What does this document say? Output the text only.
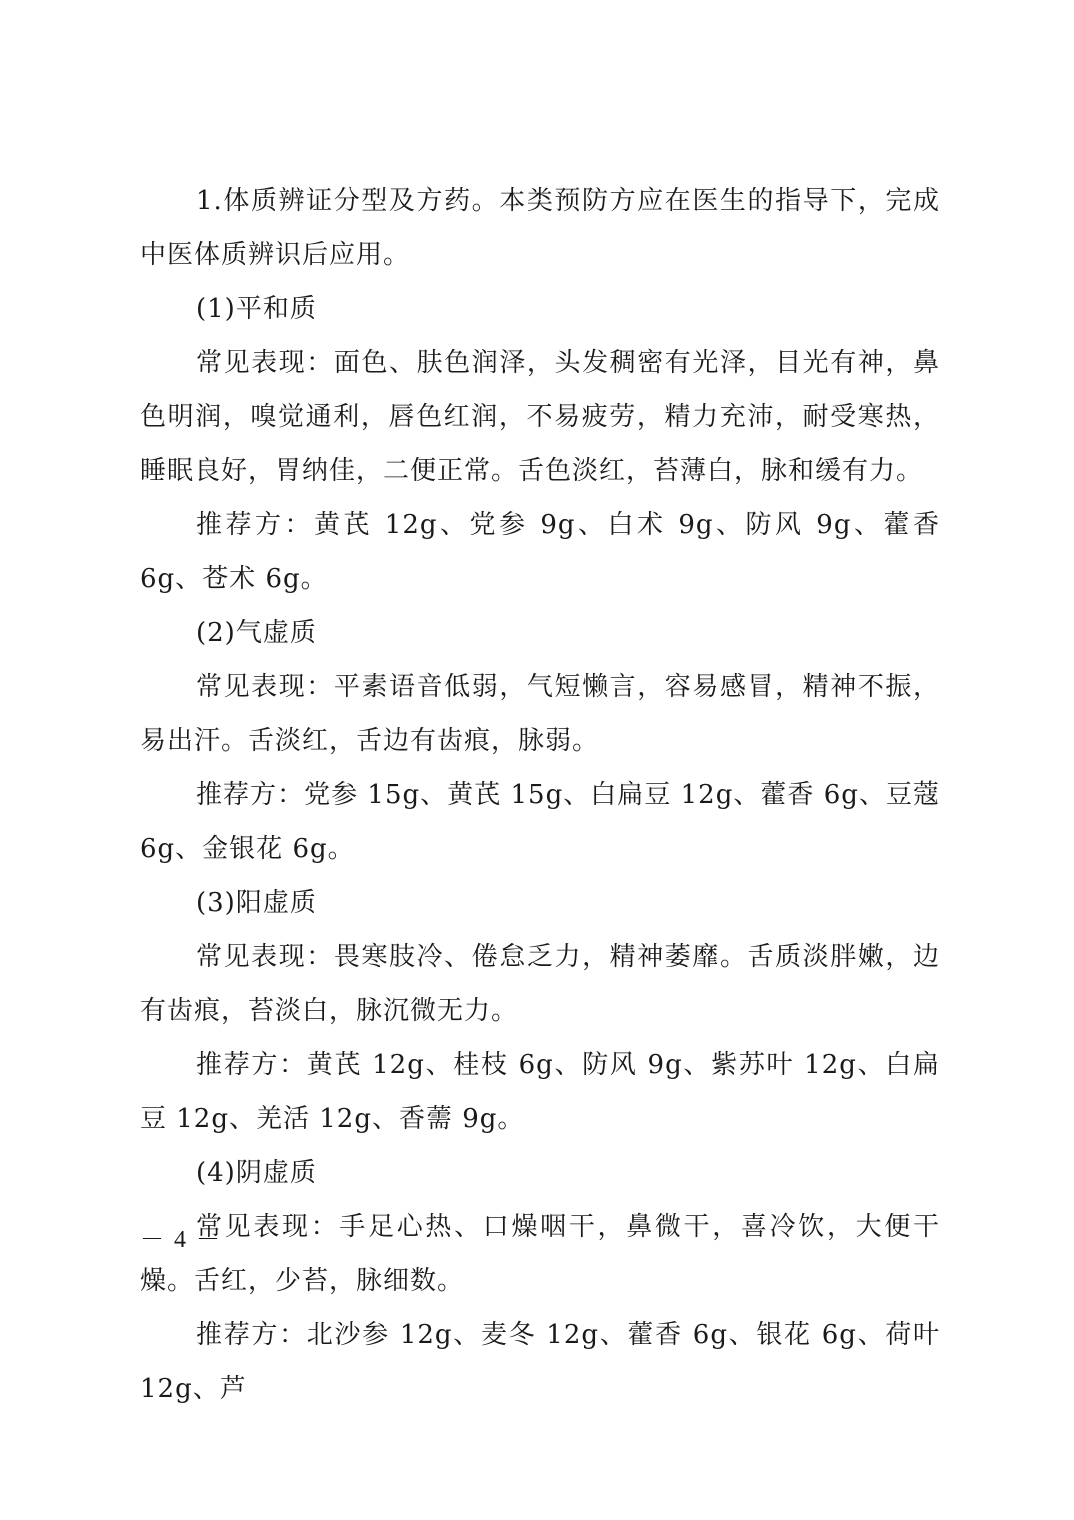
1.体质辨证分型及方药。本类预防方应在医生的指导下，完成中医体质辨识后应用。

(1)平和质

常见表现：面色、肤色润泽，头发稠密有光泽，目光有神，鼻色明润，嗅觉通利，唇色红润，不易疲劳，精力充沛，耐受寒热，睡眠良好，胃纳佳，二便正常。舌色淡红，苔薄白，脉和缓有力。

推荐方：黄芪 12g、党参 9g、白术 9g、防风 9g、藿香 6g、苍术 6g。

(2)气虚质

常见表现：平素语音低弱，气短懒言，容易感冒，精神不振，易出汗。舌淡红，舌边有齿痕，脉弱。

推荐方：党参 15g、黄芪 15g、白扁豆 12g、藿香 6g、豆蔻 6g、金银花 6g。

(3)阳虚质

常见表现：畏寒肢冷、倦怠乏力，精神萎靡。舌质淡胖嫩，边有齿痕，苔淡白，脉沉微无力。

推荐方：黄芪 12g、桂枝 6g、防风 9g、紫苏叶 12g、白扁豆 12g、羌活 12g、香薷 9g。

(4)阴虚质

常见表现：手足心热、口燥咽干，鼻微干，喜冷饮，大便干燥。舌红，少苔，脉细数。

推荐方：北沙参 12g、麦冬 12g、藿香 6g、银花 6g、荷叶 12g、芦

－ 4 －
